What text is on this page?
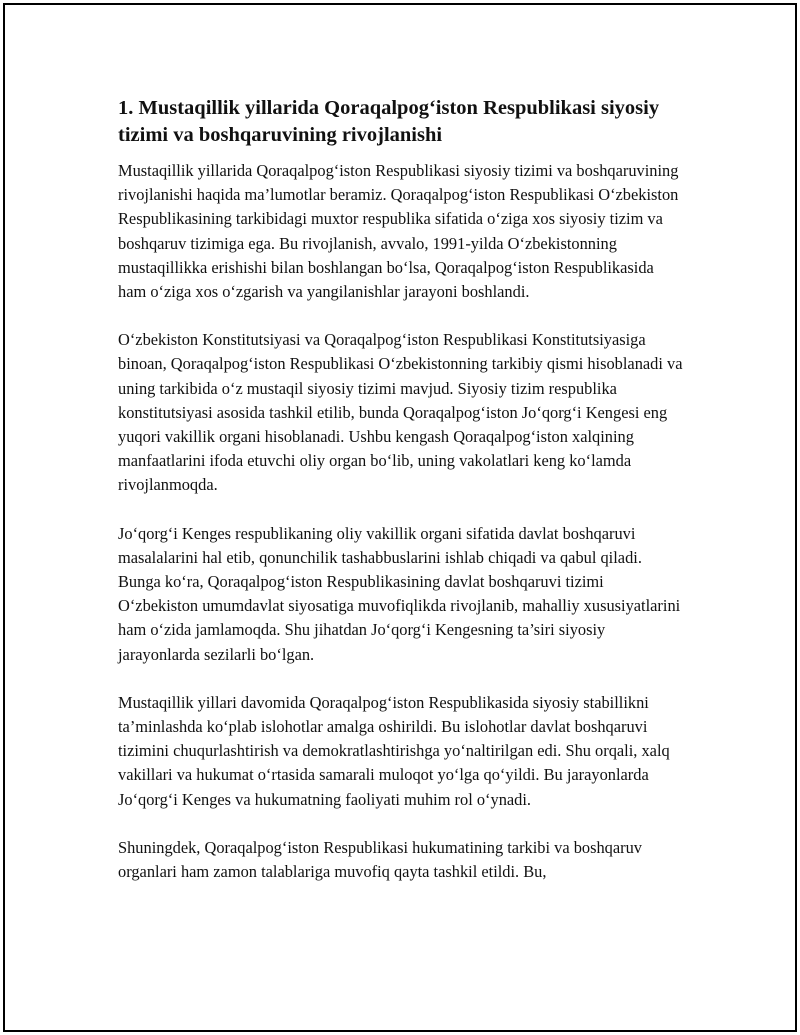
1. Mustaqillik yillarida Qoraqalpog‘iston Respublikasi siyosiy tizimi va boshqaruvining rivojlanishi

Mustaqillik yillarida Qoraqalpog‘iston Respublikasi siyosiy tizimi va boshqaruvining rivojlanishi haqida ma’lumotlar beramiz. Qoraqalpog‘iston Respublikasi O‘zbekiston Respublikasining tarkibidagi muxtor respublika sifatida o‘ziga xos siyosiy tizim va boshqaruv tizimiga ega. Bu rivojlanish, avvalo, 1991-yilda O‘zbekistonning mustaqillikka erishishi bilan boshlangan bo‘lsa, Qoraqalpog‘iston Respublikasida ham o‘ziga xos o‘zgarish va yangilanishlar jarayoni boshlandi.

O‘zbekiston Konstitutsiyasi va Qoraqalpog‘iston Respublikasi Konstitutsiyasiga binoan, Qoraqalpog‘iston Respublikasi O‘zbekistonning tarkibiy qismi hisoblanadi va uning tarkibida o‘z mustaqil siyosiy tizimi mavjud. Siyosiy tizim respublika konstitutsiyasi asosida tashkil etilib, bunda Qoraqalpog‘iston Jo‘qorg‘i Kengesi eng yuqori vakillik organi hisoblanadi. Ushbu kengash Qoraqalpog‘iston xalqining manfaatlarini ifoda etuvchi oliy organ bo‘lib, uning vakolatlari keng ko‘lamda rivojlanmoqda.

Jo‘qorg‘i Kenges respublikaning oliy vakillik organi sifatida davlat boshqaruvi masalalarini hal etib, qonunchilik tashabbuslarini ishlab chiqadi va qabul qiladi. Bunga ko‘ra, Qoraqalpog‘iston Respublikasining davlat boshqaruvi tizimi O‘zbekiston umumdavlat siyosatiga muvofiqlikda rivojlanib, mahalliy xususiyatlarini ham o‘zida jamlamoqda. Shu jihatdan Jo‘qorg‘i Kengesning ta’siri siyosiy jarayonlarda sezilarli bo‘lgan.

Mustaqillik yillari davomida Qoraqalpog‘iston Respublikasida siyosiy stabillikni ta’minlashda ko‘plab islohotlar amalga oshirildi. Bu islohotlar davlat boshqaruvi tizimini chuqurlashtirish va demokratlashtirishga yo‘naltirilgan edi. Shu orqali, xalq vakillari va hukumat o‘rtasida samarali muloqot yo‘lga qo‘yildi. Bu jarayonlarda Jo‘qorg‘i Kenges va hukumatning faoliyati muhim rol o‘ynadi.

Shuningdek, Qoraqalpog‘iston Respublikasi hukumatining tarkibi va boshqaruv organlari ham zamon talablariga muvofiq qayta tashkil etildi. Bu,
